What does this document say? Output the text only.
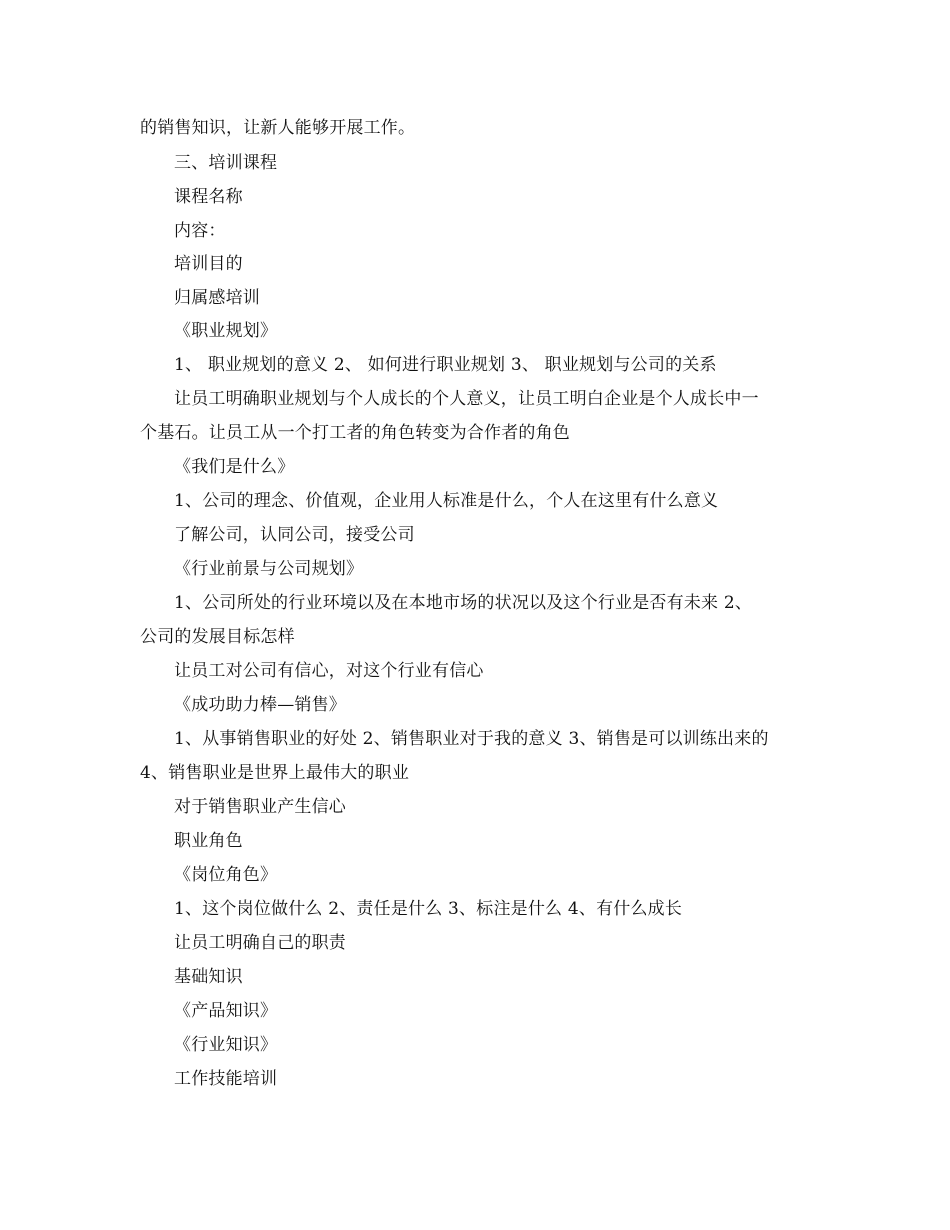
的销售知识，让新人能够开展工作。
三、培训课程
课程名称
内容：
培训目的
归属感培训
《职业规划》
1、 职业规划的意义 2、 如何进行职业规划 3、 职业规划与公司的关系
让员工明确职业规划与个人成长的个人意义，让员工明白企业是个人成长中一
个基石。让员工从一个打工者的角色转变为合作者的角色
《我们是什么》
1、公司的理念、价值观，企业用人标准是什么，个人在这里有什么意义
了解公司，认同公司，接受公司
《行业前景与公司规划》
1、公司所处的行业环境以及在本地市场的状况以及这个行业是否有未来 2、
公司的发展目标怎样
让员工对公司有信心，对这个行业有信心
《成功助力棒—销售》
1、从事销售职业的好处 2、销售职业对于我的意义 3、销售是可以训练出来的
4、销售职业是世界上最伟大的职业
对于销售职业产生信心
职业角色
《岗位角色》
1、这个岗位做什么 2、责任是什么 3、标注是什么 4、有什么成长
让员工明确自己的职责
基础知识
《产品知识》
《行业知识》
工作技能培训
